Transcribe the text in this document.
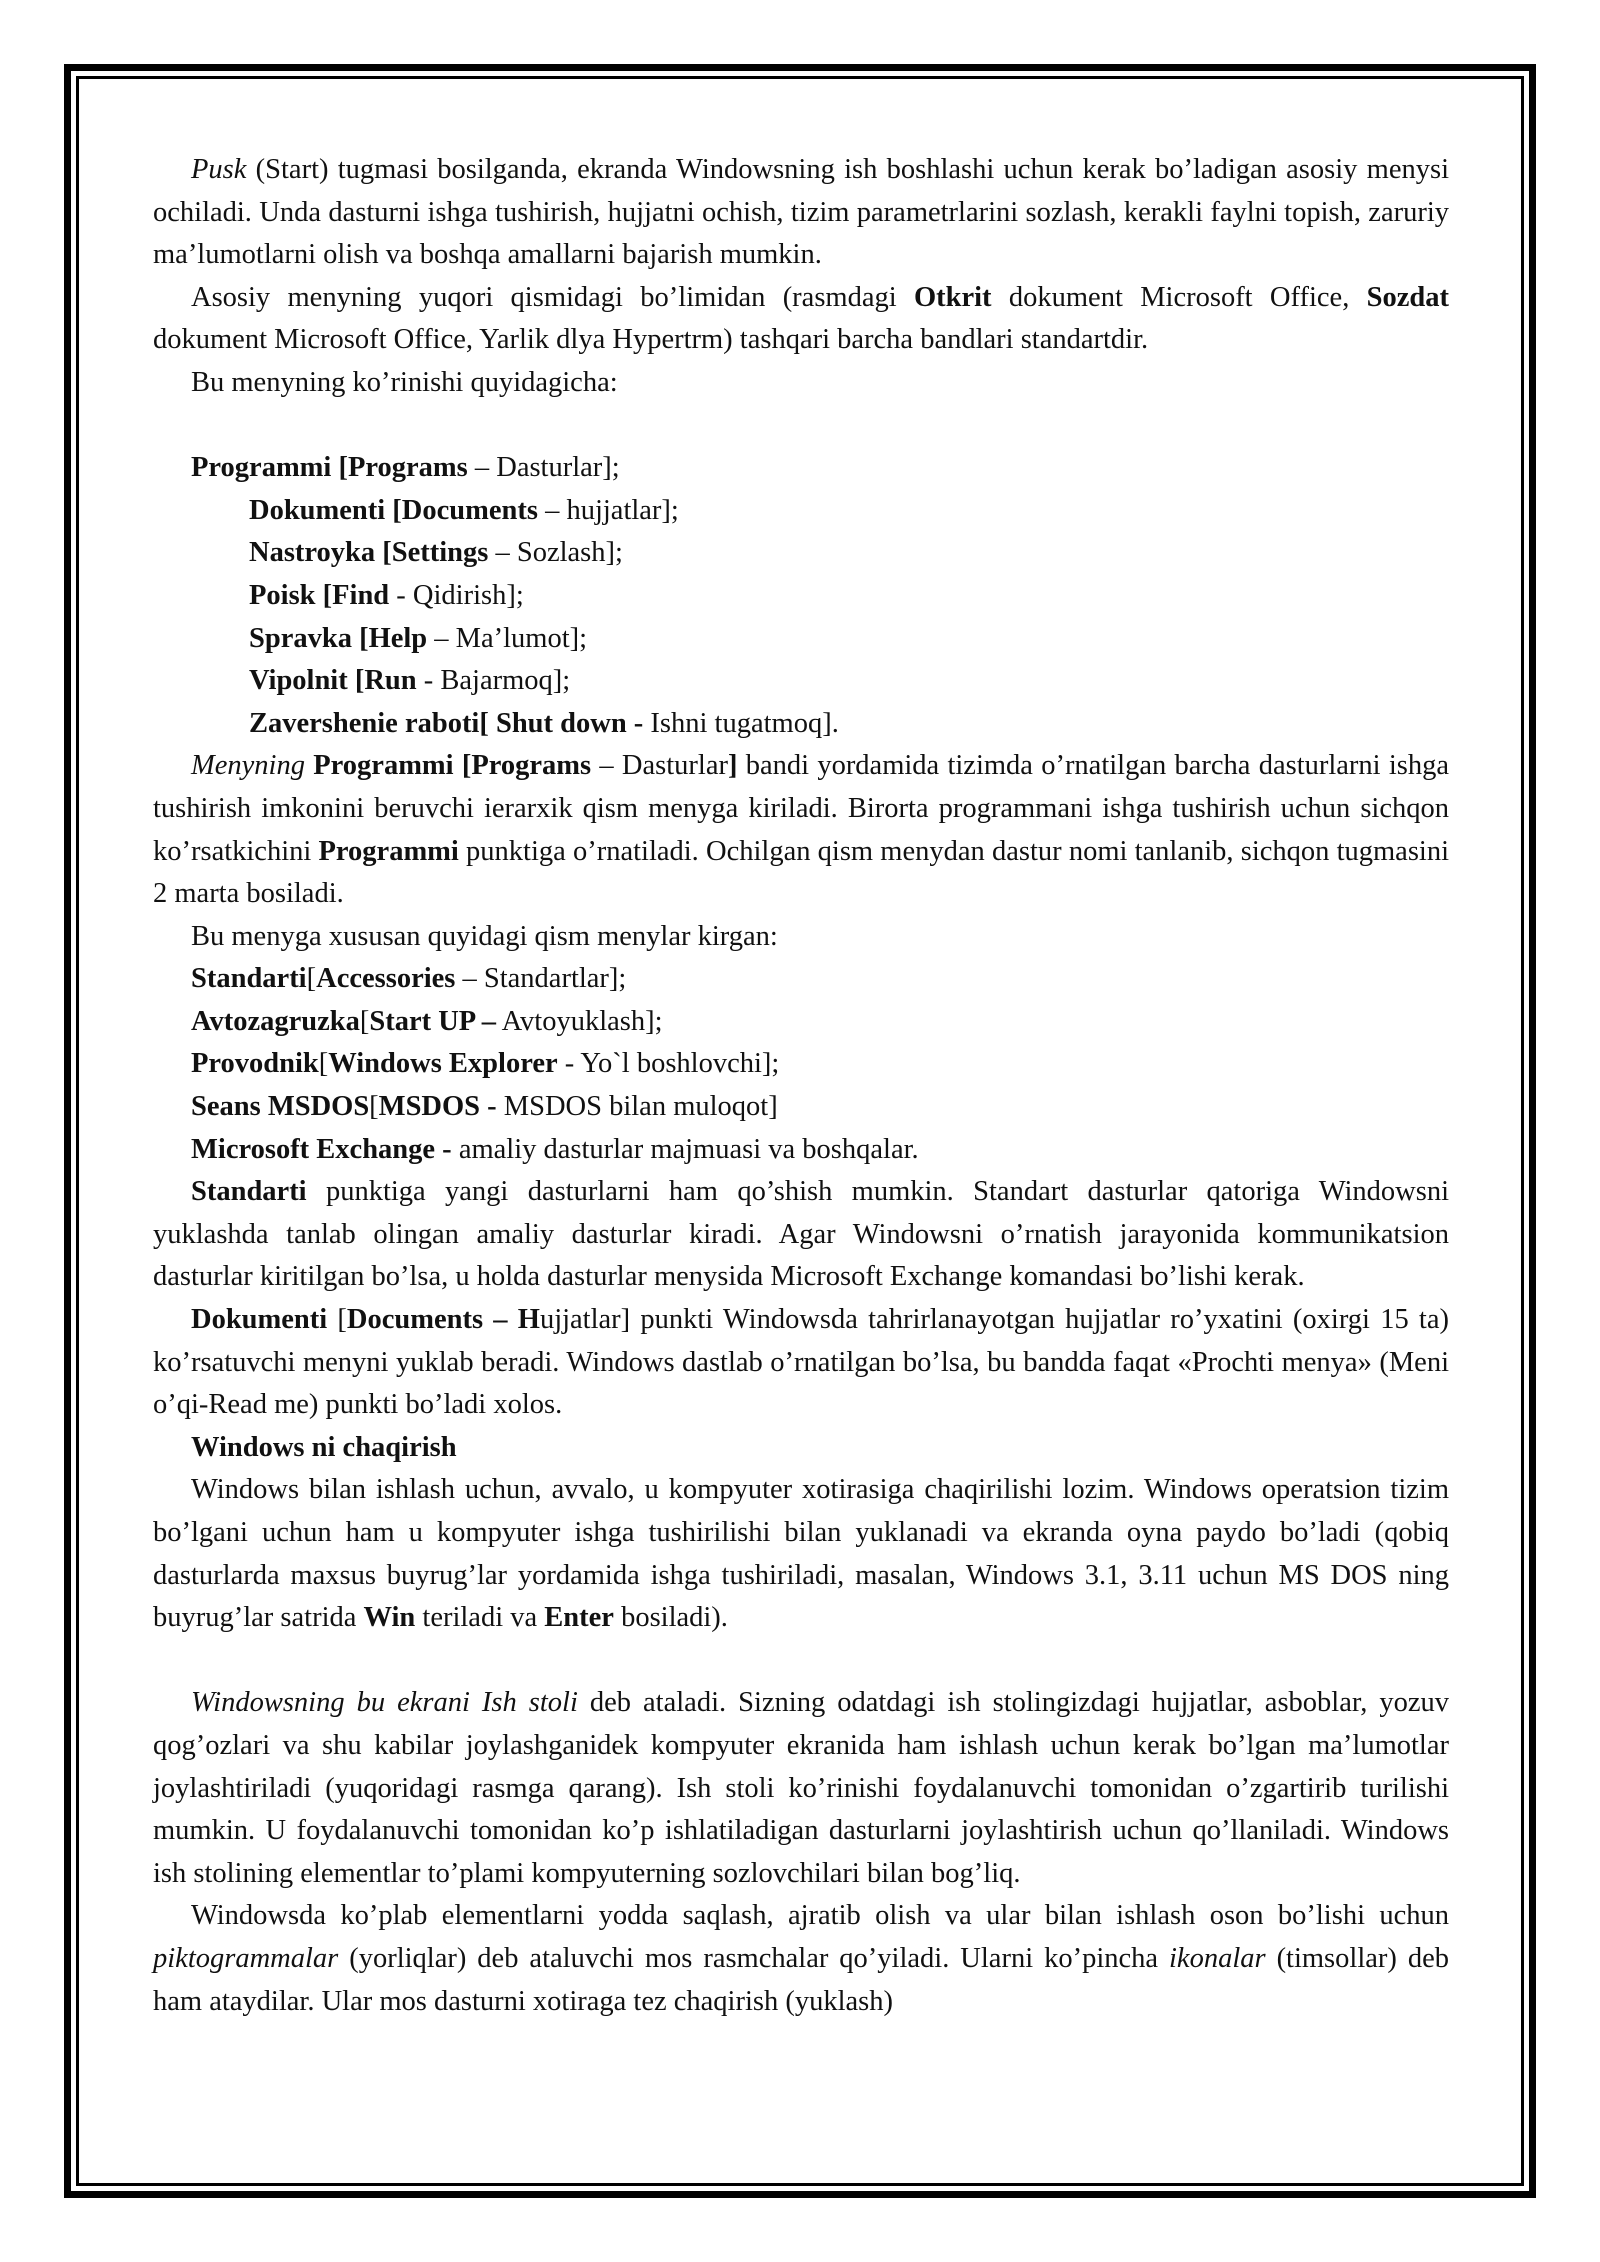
Pusk (Start) tugmasi bosilganda, ekranda Windowsning ish boshlashi uchun kerak bo’ladigan asosiy menysi ochiladi. Unda dasturni ishga tushirish, hujjatni ochish, tizim parametrlarini sozlash, kerakli faylni topish, zaruriy ma’lumotlarni olish va boshqa amallarni bajarish mumkin.

Asosiy menyning yuqori qismidagi bo’limidan (rasmdagi Otkrit dokument Microsoft Office, Sozdat dokument Microsoft Office, Yarlik dlya Hypertrm) tashqari barcha bandlari standartdir.

Bu menyning ko’rinishi quyidagicha:

Programmi [Programs – Dasturlar];

Dokumenti [Documents – hujjatlar];

Nastroyka [Settings – Sozlash];

Poisk [Find - Qidirish];

Spravka [Help – Ma’lumot];

Vipolnit [Run - Bajarmoq];

Zavershenie raboti[ Shut down - Ishni tugatmoq].

Menyning Programmi [Programs – Dasturlar] bandi yordamida tizimda o’rnatilgan barcha dasturlarni ishga tushirish imkonini beruvchi ierarxik qism menyga kiriladi. Birorta programmani ishga tushirish uchun sichqon ko’rsatkichini Programmi punktiga o’rnatiladi. Ochilgan qism menydan dastur nomi tanlanib, sichqon tugmasini 2 marta bosiladi.

Bu menyga xususan quyidagi qism menylar kirgan:

Standarti[Accessories – Standartlar];

Avtozagruzka[Start UP – Avtoyuklash];

Provodnik[Windows Explorer - Yo`l boshlovchi];

Seans MSDOS[MSDOS - MSDOS bilan muloqot]

Microsoft Exchange - amaliy dasturlar majmuasi va boshqalar.

Standarti punktiga yangi dasturlarni ham qo’shish mumkin. Standart dasturlar qatoriga Windowsni yuklashda tanlab olingan amaliy dasturlar kiradi. Agar Windowsni o’rnatish jarayonida kommunikatsion dasturlar kiritilgan bo’lsa, u holda dasturlar menysida Microsoft Exchange komandasi bo’lishi kerak.

Dokumenti [Documents – Hujjatlar] punkti Windowsda tahrirlanayotgan hujjatlar ro’yxatini (oxirgi 15 ta) ko’rsatuvchi menyni yuklab beradi. Windows dastlab o’rnatilgan bo’lsa, bu bandda faqat «Prochti menya» (Meni o’qi-Read me) punkti bo’ladi xolos.

Windows ni chaqirish

Windows bilan ishlash uchun, avvalo, u kompyuter xotirasiga chaqirilishi lozim. Windows operatsion tizim bo’lgani uchun ham u kompyuter ishga tushirilishi bilan yuklanadi va ekranda oyna paydo bo’ladi (qobiq dasturlarda maxsus buyrug’lar yordamida ishga tushiriladi, masalan, Windows 3.1, 3.11 uchun MS DOS ning buyrug’lar satrida Win teriladi va Enter bosiladi).

Windowsning bu ekrani Ish stoli deb ataladi. Sizning odatdagi ish stolingizdagi hujjatlar, asboblar, yozuv qog’ozlari va shu kabilar joylashganidek kompyuter ekranida ham ishlash uchun kerak bo’lgan ma’lumotlar joylashtiriladi (yuqoridagi rasmga qarang). Ish stoli ko’rinishi foydalanuvchi tomonidan o’zgartirib turilishi mumkin. U foydalanuvchi tomonidan ko’p ishlatiladigan dasturlarni joylashtirish uchun qo’llaniladi. Windows ish stolining elementlar to’plami kompyuterning sozlovchilari bilan bog’liq.

Windowsda ko’plab elementlarni yodda saqlash, ajratib olish va ular bilan ishlash oson bo’lishi uchun piktogrammalar (yorliqlar) deb ataluvchi mos rasmchalar qo’yiladi. Ularni ko’pincha ikonalar (timsollar) deb ham ataydilar. Ular mos dasturni xotiraga tez chaqirish (yuklash)
